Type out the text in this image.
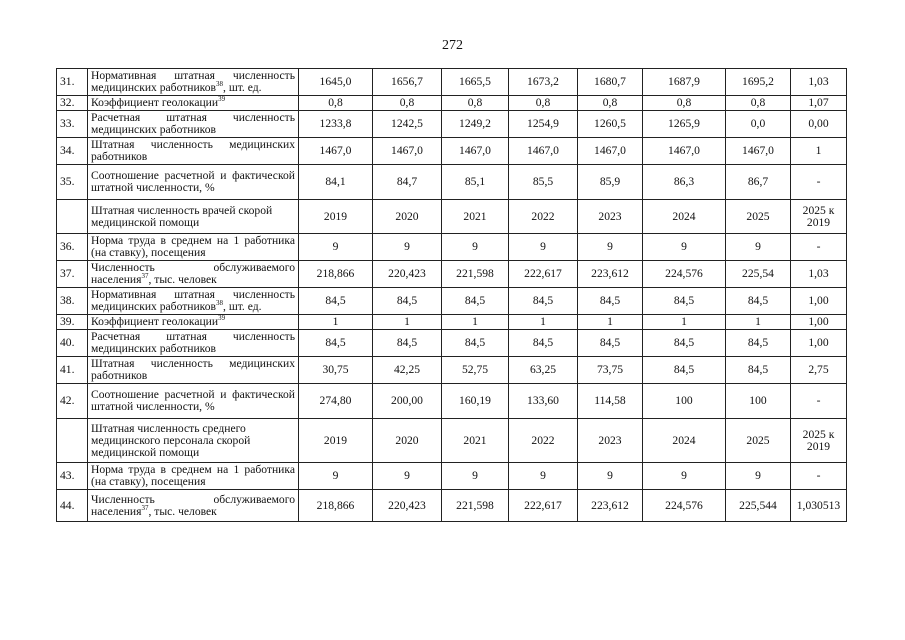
272
31.	Нормативная штатная численность медицинских работников$^{38}$, шт. ед.	1645,0	1656,7	1665,5	1673,2	1680,7	1687,9	1695,2	1,03
32.	Коэффициент геолокации$^{39}$	0,8	0,8	0,8	0,8	0,8	0,8	0,8	1,07
33.	Расчетная штатная численность медицинских работников	1233,8	1242,5	1249,2	1254,9	1260,5	1265,9	0,0	0,00
34.	Штатная численность медицинских работников	1467,0	1467,0	1467,0	1467,0	1467,0	1467,0	1467,0	1
35.	Соотношение расчетной и фактической штатной численности, %	84,1	84,7	85,1	85,5	85,9	86,3	86,7	-
	Штатная численность врачей скорой медицинской помощи	2019	2020	2021	2022	2023	2024	2025	2025 к 2019
36.	Норма труда в среднем на 1 работника (на ставку), посещения	9	9	9	9	9	9	9	-
37.	Численность обслуживаемого населения$^{37}$, тыс. человек	218,866	220,423	221,598	222,617	223,612	224,576	225,54	1,03
38.	Нормативная штатная численность медицинских работников$^{38}$, шт. ед.	84,5	84,5	84,5	84,5	84,5	84,5	84,5	1,00
39.	Коэффициент геолокации$^{39}$	1	1	1	1	1	1	1	1,00
40.	Расчетная штатная численность медицинских работников	84,5	84,5	84,5	84,5	84,5	84,5	84,5	1,00
41.	Штатная численность медицинских работников	30,75	42,25	52,75	63,25	73,75	84,5	84,5	2,75
42.	Соотношение расчетной и фактической штатной численности, %	274,80	200,00	160,19	133,60	114,58	100	100	-
	Штатная численность среднего медицинского персонала скорой медицинской помощи	2019	2020	2021	2022	2023	2024	2025	2025 к 2019
43.	Норма труда в среднем на 1 работника (на ставку), посещения	9	9	9	9	9	9	9	-
44.	Численность обслуживаемого населения$^{37}$, тыс. человек	218,866	220,423	221,598	222,617	223,612	224,576	225,544	1,030513
